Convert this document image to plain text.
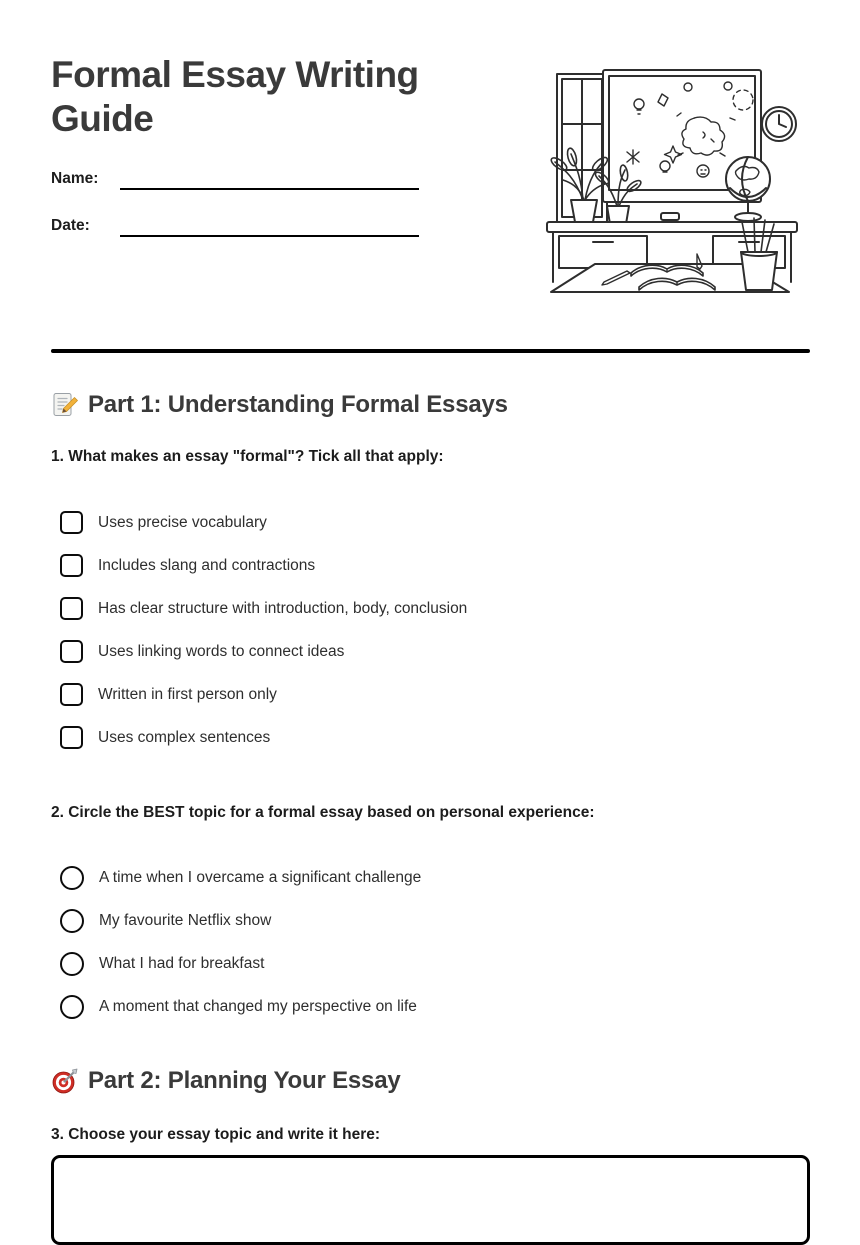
Formal Essay Writing Guide
Name:
Date:
Part 1: Understanding Formal Essays

1. What makes an essay "formal"? Tick all that apply:

Uses precise vocabulary
Includes slang and contractions
Has clear structure with introduction, body, conclusion
Uses linking words to connect ideas
Written in first person only
Uses complex sentences

2. Circle the BEST topic for a formal essay based on personal experience:

A time when I overcame a significant challenge
My favourite Netflix show
What I had for breakfast
A moment that changed my perspective on life
Part 2: Planning Your Essay

3. Choose your essay topic and write it here:
